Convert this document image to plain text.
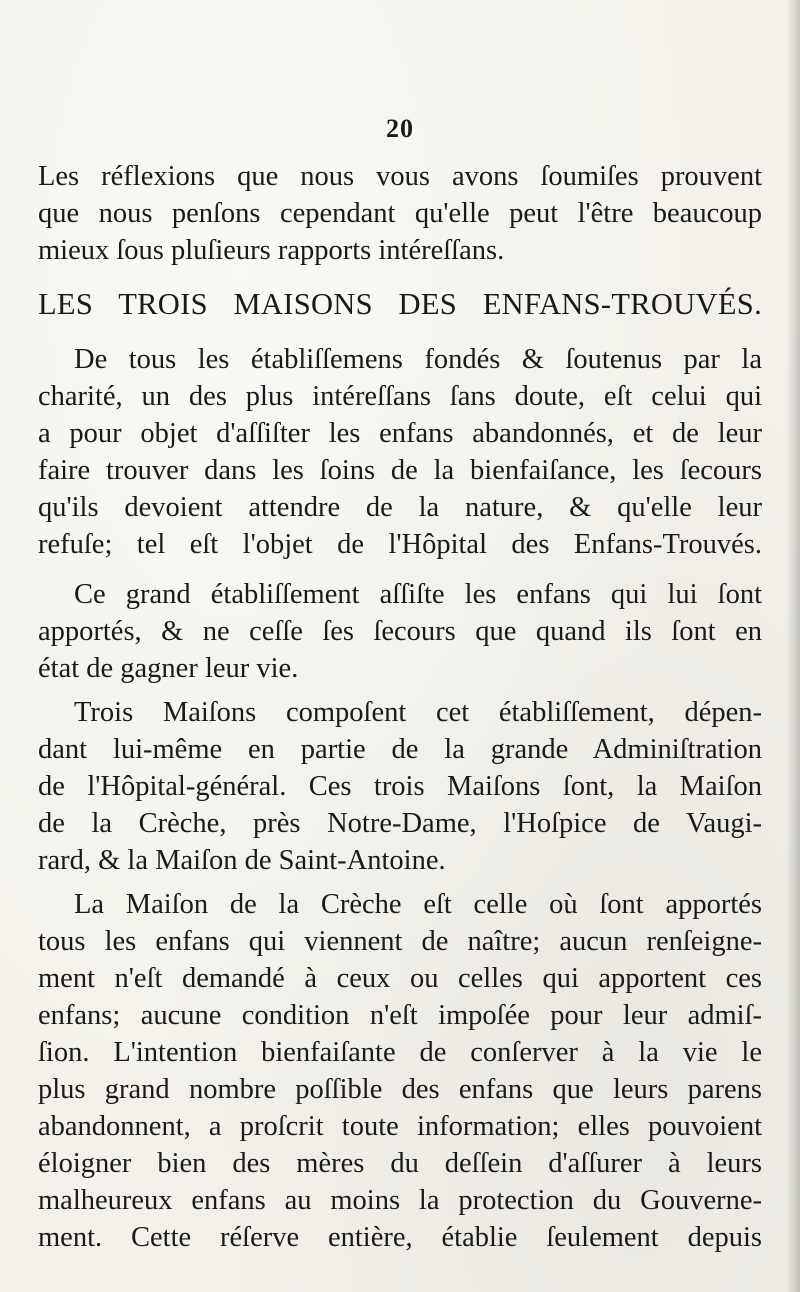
20
Les réflexions que nous vous avons ſoumiſes prouvent
que nous penſons cependant qu'elle peut l'être beaucoup
mieux ſous pluſieurs rapports intéreſſans.
LES TROIS MAISONS DES ENFANS-TROUVÉS.
De tous les établiſſemens fondés & ſoutenus par la
charité, un des plus intéreſſans ſans doute, eſt celui qui
a pour objet d'aſſiſter les enfans abandonnés, et de leur
faire trouver dans les ſoins de la bienfaiſance, les ſecours
qu'ils devoient attendre de la nature, & qu'elle leur
refuſe; tel eſt l'objet de l'Hôpital des Enfans-Trouvés.
Ce grand établiſſement aſſiſte les enfans qui lui ſont
apportés, & ne ceſſe ſes ſecours que quand ils ſont en
état de gagner leur vie.
Trois Maiſons compoſent cet établiſſement, dépen-
dant lui-même en partie de la grande Adminiſtration
de l'Hôpital-général. Ces trois Maiſons ſont, la Maiſon
de la Crèche, près Notre-Dame, l'Hoſpice de Vaugi-
rard, & la Maiſon de Saint-Antoine.
La Maiſon de la Crèche eſt celle où ſont apportés
tous les enfans qui viennent de naître; aucun renſeigne-
ment n'eſt demandé à ceux ou celles qui apportent ces
enfans; aucune condition n'eſt impoſée pour leur admiſ-
ſion. L'intention bienfaiſante de conſerver à la vie le
plus grand nombre poſſible des enfans que leurs parens
abandonnent, a proſcrit toute information; elles pouvoient
éloigner bien des mères du deſſein d'aſſurer à leurs
malheureux enfans au moins la protection du Gouverne-
ment. Cette réſerve entière, établie ſeulement depuis
